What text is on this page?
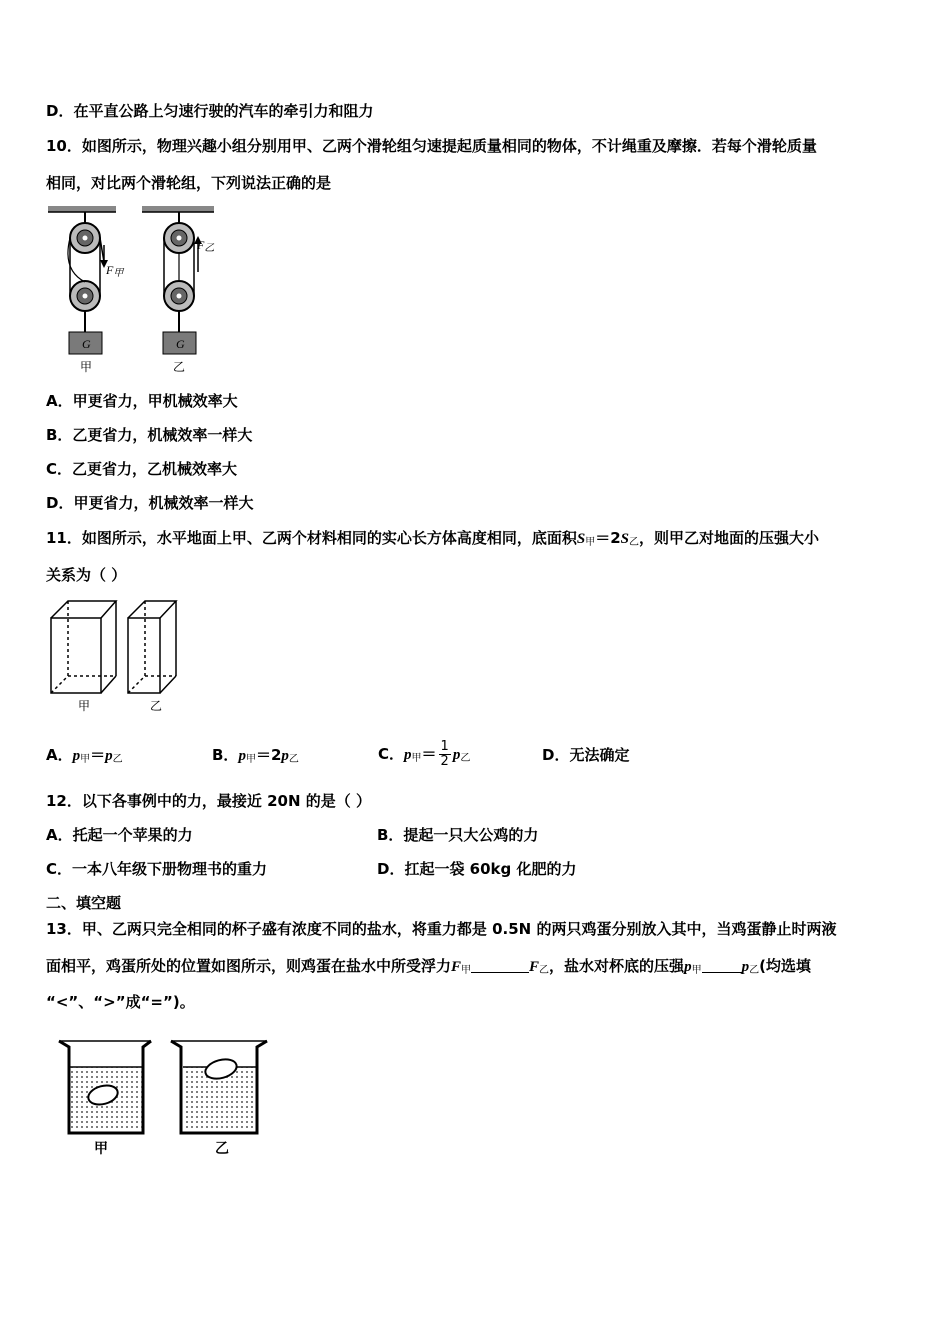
D．在平直公路上匀速行驶的汽车的牵引力和阻力
10．如图所示，物理兴趣小组分别用甲、乙两个滑轮组匀速提起质量相同的物体，不计绳重及摩擦．若每个滑轮质量
相同，对比两个滑轮组，下列说法正确的是
$F_甲$
$F_乙$
G	G
甲	乙
A．甲更省力，甲机械效率大
B．乙更省力，机械效率一样大
C．乙更省力，乙机械效率大
D．甲更省力，机械效率一样大
11．如图所示，水平地面上甲、乙两个材料相同的实心长方体高度相同，底面积$S_甲=2S_乙$，则甲乙对地面的压强大小
关系为（ ）
甲	乙
A．$p_甲=p_乙$	B．$p_甲=2p_乙$	C．$p_甲= \frac{1}{2} p_乙$	D．无法确定
12．以下各事例中的力，最接近 20N 的是（ ）
A．托起一个苹果的力	B．提起一只大公鸡的力
C．一本八年级下册物理书的重力	D．扛起一袋 60kg 化肥的力
二、填空题
13．甲、乙两只完全相同的杯子盛有浓度不同的盐水，将重力都是 0.5N 的两只鸡蛋分别放入其中，当鸡蛋静止时两液
面相平，鸡蛋所处的位置如图所示，则鸡蛋在盐水中所受浮力$F_甲$	$F_乙$，盐水对杯底的压强$p_甲$	$p_乙$(均选填
“<”、“>”成“=”)。
甲	乙
